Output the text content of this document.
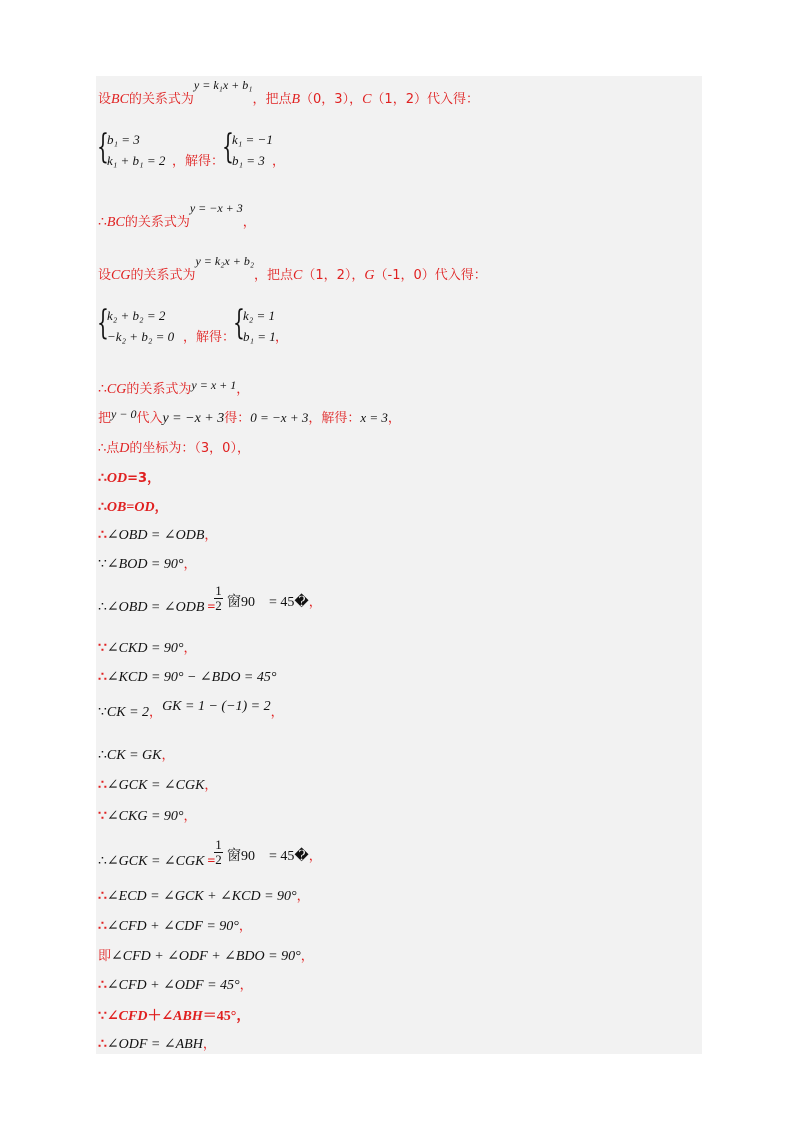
设BC的关系式为y = k₁x + b₁，把点B（0，3），C（1，2）代入得：
{
b₁ = 3
k₁ + b₁ = 2 ，解得：
{
k₁ = −1
b₁ = 3 ，
∴BC的关系式为y = −x + 3，
设CG的关系式为y = k₂x + b₂，把点C（1，2），G（-1，0）代入得：
{
k₂ + b₂ = 2
−k₂ + b₂ = 0 ，解得：
{
k₂ = 1
b₁ = 1 ，
∴CG的关系式为y = x + 1，
把y − 0代入y = −x + 3得：0 = −x + 3，解得：x = 3，
∴点D的坐标为：（3，0），
∴OD=3，
∴OB=OD，
∴∠OBD = ∠ODB，
∵∠BOD = 90°，
∴∠OBD = ∠ODB =
1
2 窗90　= 45�，
∵∠CKD = 90°，
∴∠KCD = 90° − ∠BDO = 45°
∵CK = 2，GK = 1 − (−1) = 2，
∴CK = GK，
∴∠GCK = ∠CGK，
∵∠CKG = 90°，
∴∠GCK = ∠CGK =
1
2 窗90　= 45�，
∴∠ECD = ∠GCK + ∠KCD = 90°，
∴∠CFD + ∠CDF = 90°，
即∠CFD + ∠ODF + ∠BDO = 90°，
∴∠CFD + ∠ODF = 45°，
∵∠CFD＋∠ABH＝45°，
∴∠ODF = ∠ABH，
